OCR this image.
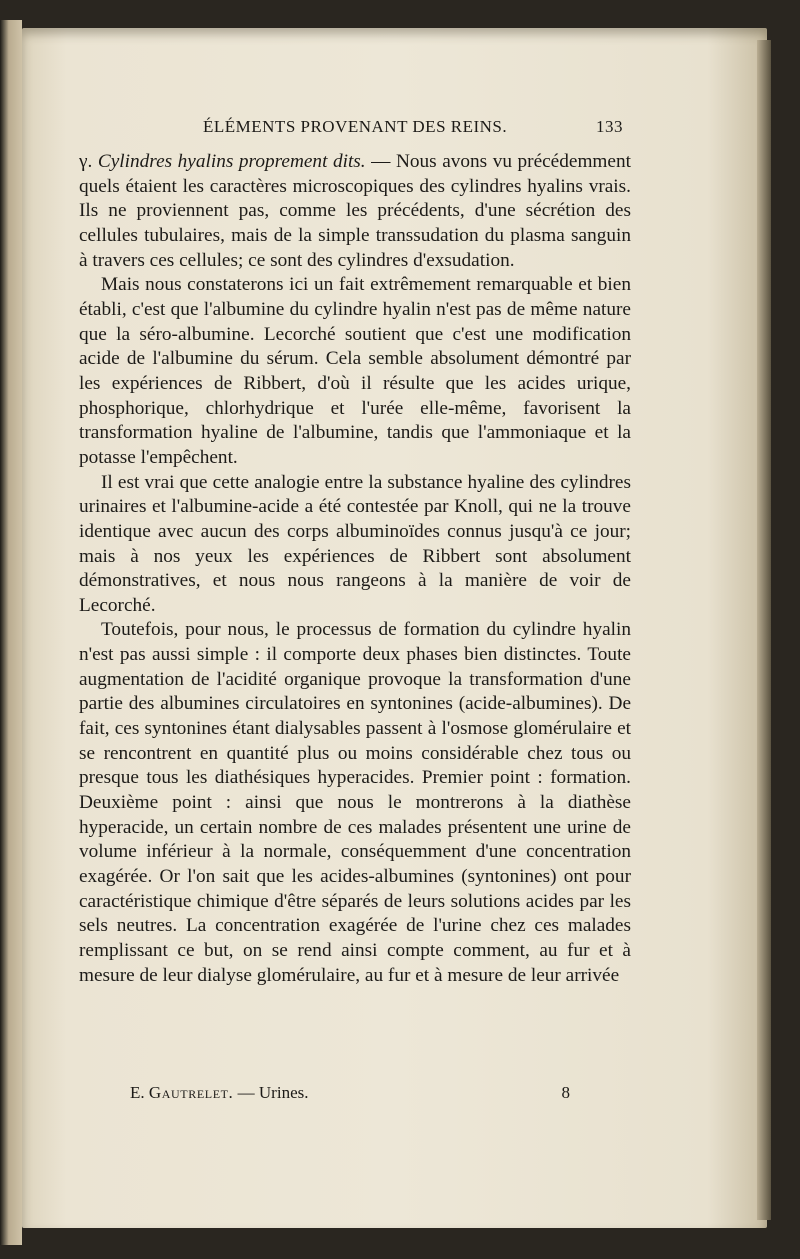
ÉLÉMENTS PROVENANT DES REINS.	133

γ. Cylindres hyalins proprement dits. — Nous avons vu précédemment quels étaient les caractères microscopiques des cylindres hyalins vrais. Ils ne proviennent pas, comme les précédents, d'une sécrétion des cellules tubulaires, mais de la simple transsudation du plasma sanguin à travers ces cellules; ce sont des cylindres d'exsudation.

Mais nous constaterons ici un fait extrêmement remarquable et bien établi, c'est que l'albumine du cylindre hyalin n'est pas de même nature que la séro-albumine. Lecorché soutient que c'est une modification acide de l'albumine du sérum. Cela semble absolument démontré par les expériences de Ribbert, d'où il résulte que les acides urique, phosphorique, chlorhydrique et l'urée elle-même, favorisent la transformation hyaline de l'albumine, tandis que l'ammoniaque et la potasse l'empêchent.

Il est vrai que cette analogie entre la substance hyaline des cylindres urinaires et l'albumine-acide a été contestée par Knoll, qui ne la trouve identique avec aucun des corps albuminoïdes connus jusqu'à ce jour; mais à nos yeux les expériences de Ribbert sont absolument démonstratives, et nous nous rangeons à la manière de voir de Lecorché.

Toutefois, pour nous, le processus de formation du cylindre hyalin n'est pas aussi simple : il comporte deux phases bien distinctes. Toute augmentation de l'acidité organique provoque la transformation d'une partie des albumines circulatoires en syntonines (acide-albumines). De fait, ces syntonines étant dialysables passent à l'osmose glomérulaire et se rencontrent en quantité plus ou moins considérable chez tous ou presque tous les diathésiques hyperacides. Premier point : formation. Deuxième point : ainsi que nous le montrerons à la diathèse hyperacide, un certain nombre de ces malades présentent une urine de volume inférieur à la normale, conséquemment d'une concentration exagérée. Or l'on sait que les acides-albumines (syntonines) ont pour caractéristique chimique d'être séparés de leurs solutions acides par les sels neutres. La concentration exagérée de l'urine chez ces malades remplissant ce but, on se rend ainsi compte comment, au fur et à mesure de leur dialyse glomérulaire, au fur et à mesure de leur arrivée

E. Gautrelet. — Urines.	8
